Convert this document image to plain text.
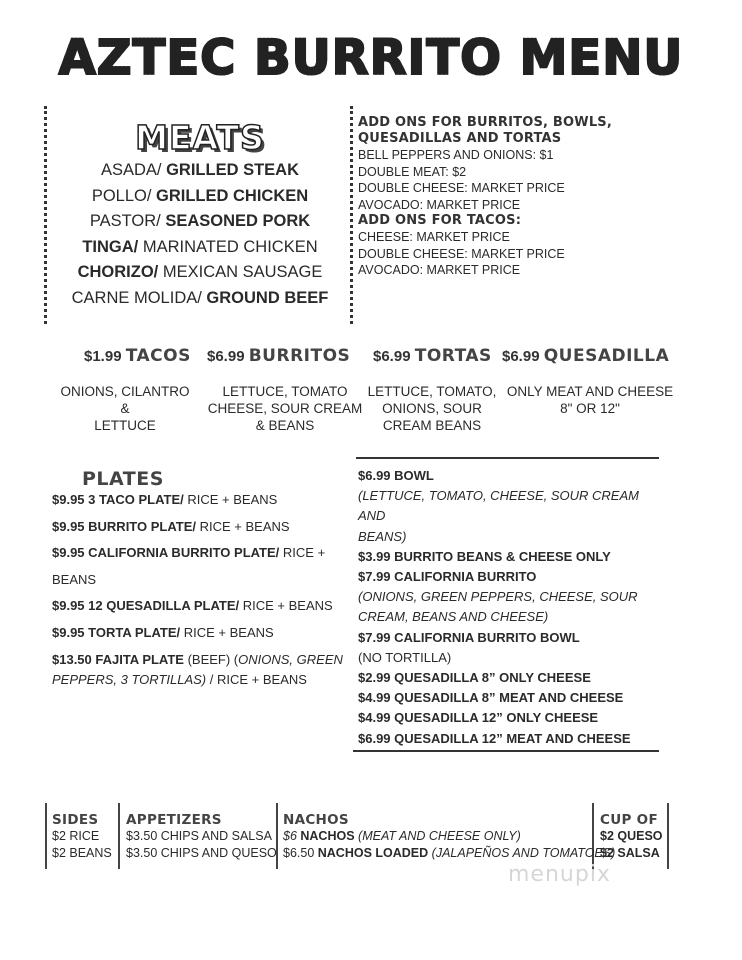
AZTEC BURRITO MENU
MEATS
ASADA/ GRILLED STEAK
POLLO/ GRILLED CHICKEN
PASTOR/ SEASONED PORK
TINGA/ MARINATED CHICKEN
CHORIZO/ MEXICAN SAUSAGE
CARNE MOLIDA/ GROUND BEEF
ADD ONS FOR BURRITOS, BOWLS,
QUESADILLAS AND TORTAS
BELL PEPPERS AND ONIONS: $1
DOUBLE MEAT: $2
DOUBLE CHEESE: MARKET PRICE
AVOCADO: MARKET PRICE
ADD ONS FOR TACOS:
CHEESE: MARKET PRICE
DOUBLE CHEESE: MARKET PRICE
AVOCADO: MARKET PRICE
$1.99 TACOS
ONIONS, CILANTRO &
LETTUCE
$6.99 BURRITOS
LETTUCE, TOMATO
CHEESE, SOUR CREAM
& BEANS
$6.99 TORTAS
LETTUCE, TOMATO,
ONIONS, SOUR
CREAM BEANS
$6.99 QUESADILLA
ONLY MEAT AND CHEESE
8" OR 12"
PLATES
$9.95 3 TACO PLATE/ RICE + BEANS
$9.95 BURRITO PLATE/ RICE + BEANS
$9.95 CALIFORNIA BURRITO PLATE/ RICE +
BEANS
$9.95 12 QUESADILLA PLATE/ RICE + BEANS
$9.95 TORTA PLATE/ RICE + BEANS
$13.50 FAJITA PLATE (BEEF) (ONIONS, GREEN PEPPERS, 3 TORTILLAS) / RICE + BEANS
$6.99 BOWL
(LETTUCE, TOMATO, CHEESE, SOUR CREAM AND
BEANS)
$3.99 BURRITO BEANS & CHEESE ONLY
$7.99 CALIFORNIA BURRITO
(ONIONS, GREEN PEPPERS, CHEESE, SOUR
CREAM, BEANS AND CHEESE)
$7.99 CALIFORNIA BURRITO BOWL
(NO TORTILLA)
$2.99 QUESADILLA 8” ONLY CHEESE
$4.99 QUESADILLA 8” MEAT AND CHEESE
$4.99 QUESADILLA 12” ONLY CHEESE
$6.99 QUESADILLA 12” MEAT AND CHEESE
SIDES
$2 RICE
$2 BEANS
APPETIZERS
$3.50 CHIPS AND SALSA
$3.50 CHIPS AND QUESO
NACHOS
$6 NACHOS (MEAT AND CHEESE ONLY)
$6.50 NACHOS LOADED (JALAPEÑOS AND TOMATOES)
CUP OF
$2 QUESO
$2 SALSA
menupix
